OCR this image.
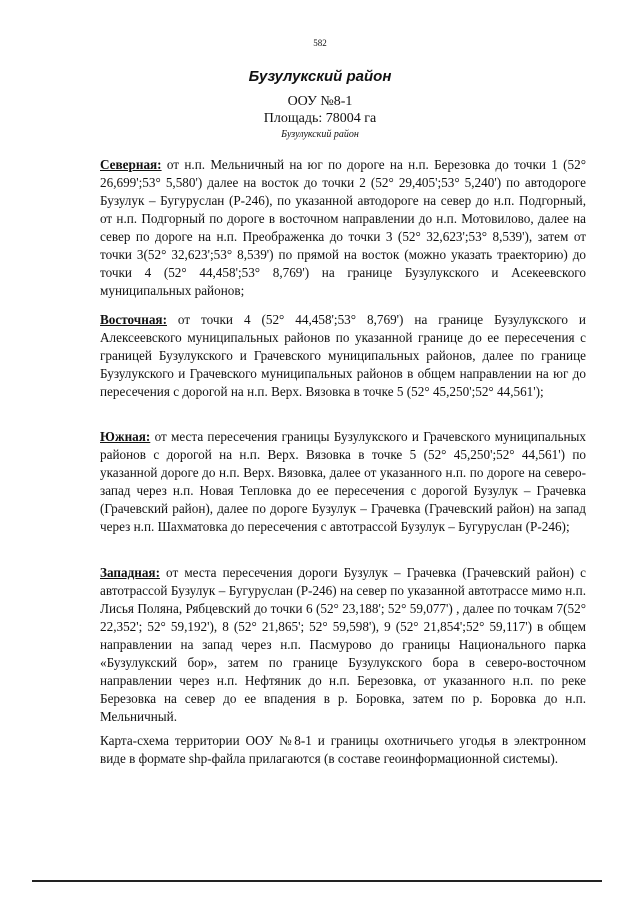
582
Бузулукский район
ООУ №8-1
Площадь: 78004 га
Бузулукский район

Северная: от н.п. Мельничный на юг по дороге на н.п. Березовка до точки 1 (52° 26,699';53° 5,580') далее на восток до точки 2 (52° 29,405';53° 5,240') по автодороге Бузулук – Бугуруслан (Р-246), по указанной автодороге на север до н.п. Подгорный, от н.п. Подгорный по дороге в восточном направлении до н.п. Мотовилово, далее на север по дороге на н.п. Преображенка до точки 3 (52° 32,623';53° 8,539'), затем от точки 3(52° 32,623';53° 8,539') по прямой на восток (можно указать траекторию) до точки 4 (52° 44,458';53° 8,769') на границе Бузулукского и Асекеевского муниципальных районов;

Восточная: от точки 4 (52° 44,458';53° 8,769') на границе Бузулукского и Алексеевского муниципальных районов по указанной границе до ее пересечения с границей Бузулукского и Грачевского муниципальных районов, далее по границе Бузулукского и Грачевского муниципальных районов в общем направлении на юг до пересечения с дорогой на н.п. Верх. Вязовка в точке 5 (52° 45,250';52° 44,561');

Южная: от места пересечения границы Бузулукского и Грачевского муниципальных районов с дорогой на н.п. Верх. Вязовка в точке 5 (52° 45,250';52° 44,561') по указанной дороге до н.п. Верх. Вязовка, далее от указанного н.п. по дороге на северо-запад через н.п. Новая Тепловка до ее пересечения с дорогой Бузулук – Грачевка (Грачевский район), далее по дороге Бузулук – Грачевка (Грачевский район) на запад через н.п. Шахматовка до пересечения с автотрассой Бузулук – Бугуруслан (Р-246);

Западная: от места пересечения дороги Бузулук – Грачевка (Грачевский район) с автотрассой Бузулук – Бугуруслан (Р-246) на север по указанной автотрассе мимо н.п. Лисья Поляна, Рябцевский до точки 6 (52° 23,188'; 52° 59,077') , далее по точкам 7(52° 22,352'; 52° 59,192'), 8 (52° 21,865'; 52° 59,598'), 9 (52° 21,854';52° 59,117') в общем направлении на запад через н.п. Пасмурово до границы Национального парка «Бузулукский бор», затем по границе Бузулукского бора в северо-восточном направлении через н.п. Нефтяник до н.п. Березовка, от указанного н.п. по реке Березовка на север до ее впадения в р. Боровка, затем по р. Боровка до н.п. Мельничный.

Карта-схема территории ООУ №8-1 и границы охотничьего угодья в электронном виде в формате shp-файла прилагаются (в составе геоинформационной системы).
